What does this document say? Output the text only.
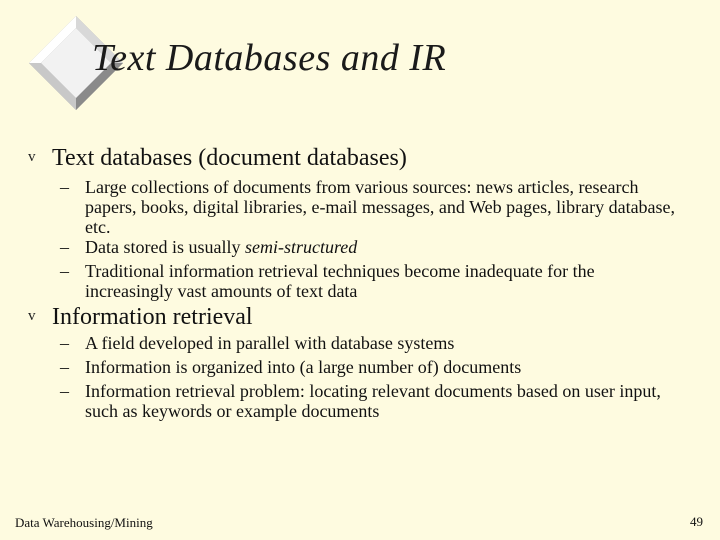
Text Databases and IR
v Text databases (document databases)
– Large collections of documents from various sources: news articles, research papers, books, digital libraries, e-mail messages, and Web pages, library database, etc.
– Data stored is usually semi-structured
– Traditional information retrieval techniques become inadequate for the increasingly vast amounts of text data
v Information retrieval
– A field developed in parallel with database systems
– Information is organized into (a large number of) documents
– Information retrieval problem: locating relevant documents based on user input, such as keywords or example documents
Data Warehousing/Mining	49
